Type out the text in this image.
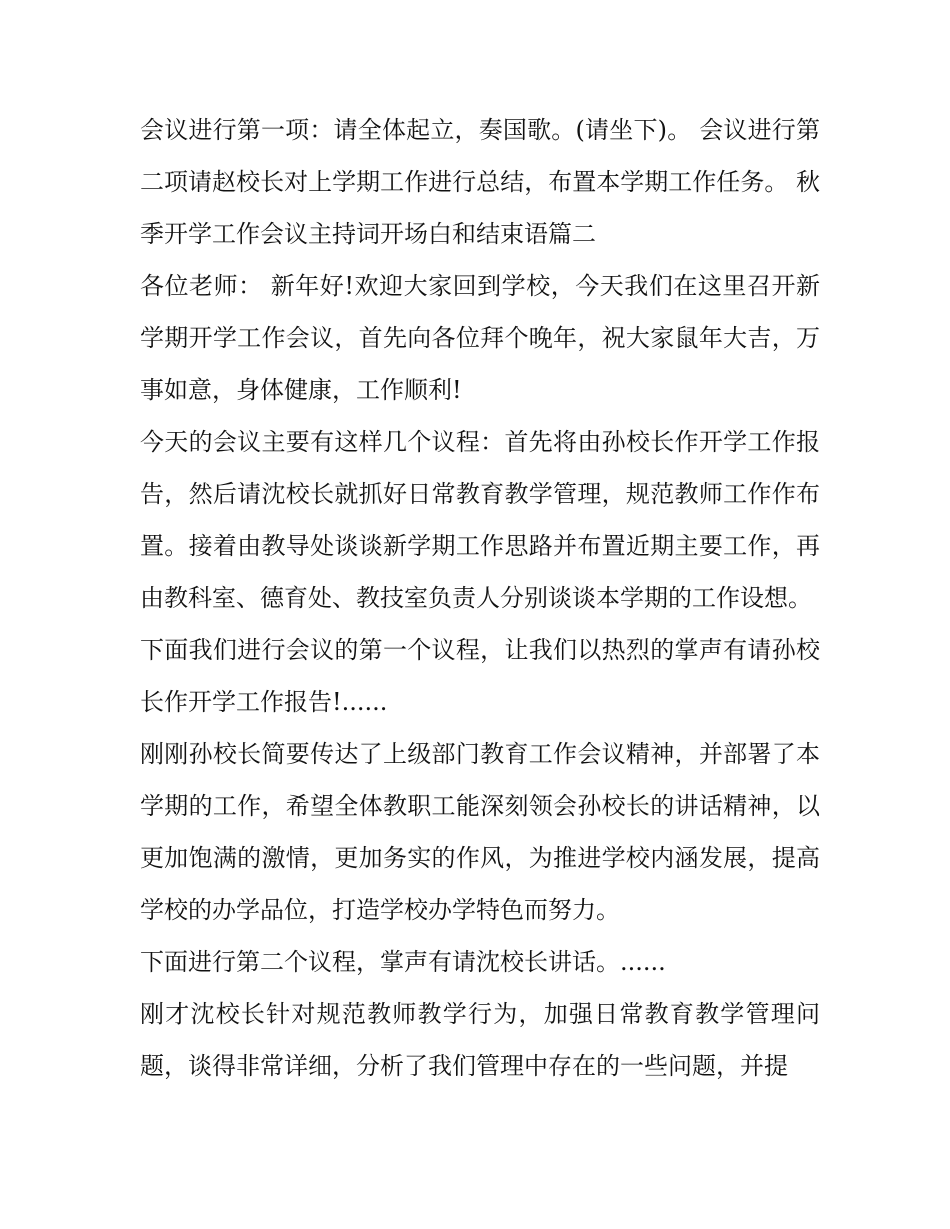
会议进行第一项：请全体起立，奏国歌。(请坐下)。 会议进行第二项请赵校长对上学期工作进行总结，布置本学期工作任务。 秋季开学工作会议主持词开场白和结束语篇二

各位老师： 新年好!欢迎大家回到学校，今天我们在这里召开新学期开学工作会议，首先向各位拜个晚年，祝大家鼠年大吉，万事如意，身体健康，工作顺利!

今天的会议主要有这样几个议程：首先将由孙校长作开学工作报告，然后请沈校长就抓好日常教育教学管理，规范教师工作作布置。接着由教导处谈谈新学期工作思路并布置近期主要工作，再由教科室、德育处、教技室负责人分别谈谈本学期的工作设想。

下面我们进行会议的第一个议程，让我们以热烈的掌声有请孙校长作开学工作报告!......

刚刚孙校长简要传达了上级部门教育工作会议精神，并部署了本学期的工作，希望全体教职工能深刻领会孙校长的讲话精神，以更加饱满的激情，更加务实的作风，为推进学校内涵发展，提高学校的办学品位，打造学校办学特色而努力。

下面进行第二个议程，掌声有请沈校长讲话。......

刚才沈校长针对规范教师教学行为，加强日常教育教学管理问题，谈得非常详细，分析了我们管理中存在的一些问题，并提
